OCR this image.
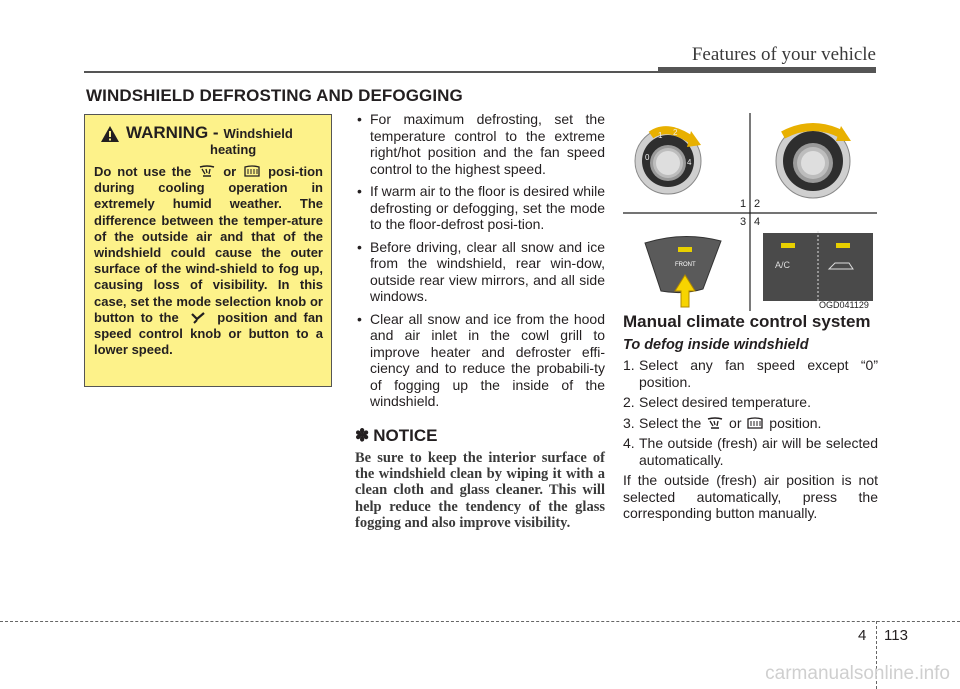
Features of your vehicle
WINDSHIELD DEFROSTING AND DEFOGGING
WARNING - Windshield
heating
Do not use the or posi-tion during cooling operation in extremely humid weather. The difference between the temper-ature of the outside air and that of the windshield could cause the outer surface of the wind-shield to fog up, causing loss of visibility. In this case, set the mode selection knob or button to the	position and fan speed control knob or button to a lower speed.
• For maximum defrosting, set the temperature control to the extreme right/hot position and the fan speed control to the highest speed.
• If warm air to the floor is desired while defrosting or defogging, set the mode to the floor-defrost posi-tion.
• Before driving, clear all snow and ice from the windshield, rear win-dow, outside rear view mirrors, and all side windows.
• Clear all snow and ice from the hood and air inlet in the cowl grill to improve heater and defroster effi-ciency and to reduce the probabili-ty of fogging up the inside of the windshield.
✽ NOTICE
Be sure to keep the interior surface of the windshield clean by wiping it with a clean cloth and glass cleaner. This will help reduce the tendency of the glass fogging and also improve visibility.
1 2
0
4
1 2
3 4
FRONT	A/C
OGD041129
Manual climate control system
To defog inside windshield
1. Select any fan speed except “0” position.
2. Select desired temperature.
3. Select the or position.
4. The outside (fresh) air will be selected automatically.
If the outside (fresh) air position is not selected automatically, press the corresponding button manually.
4 113
carmanualsonline.info
